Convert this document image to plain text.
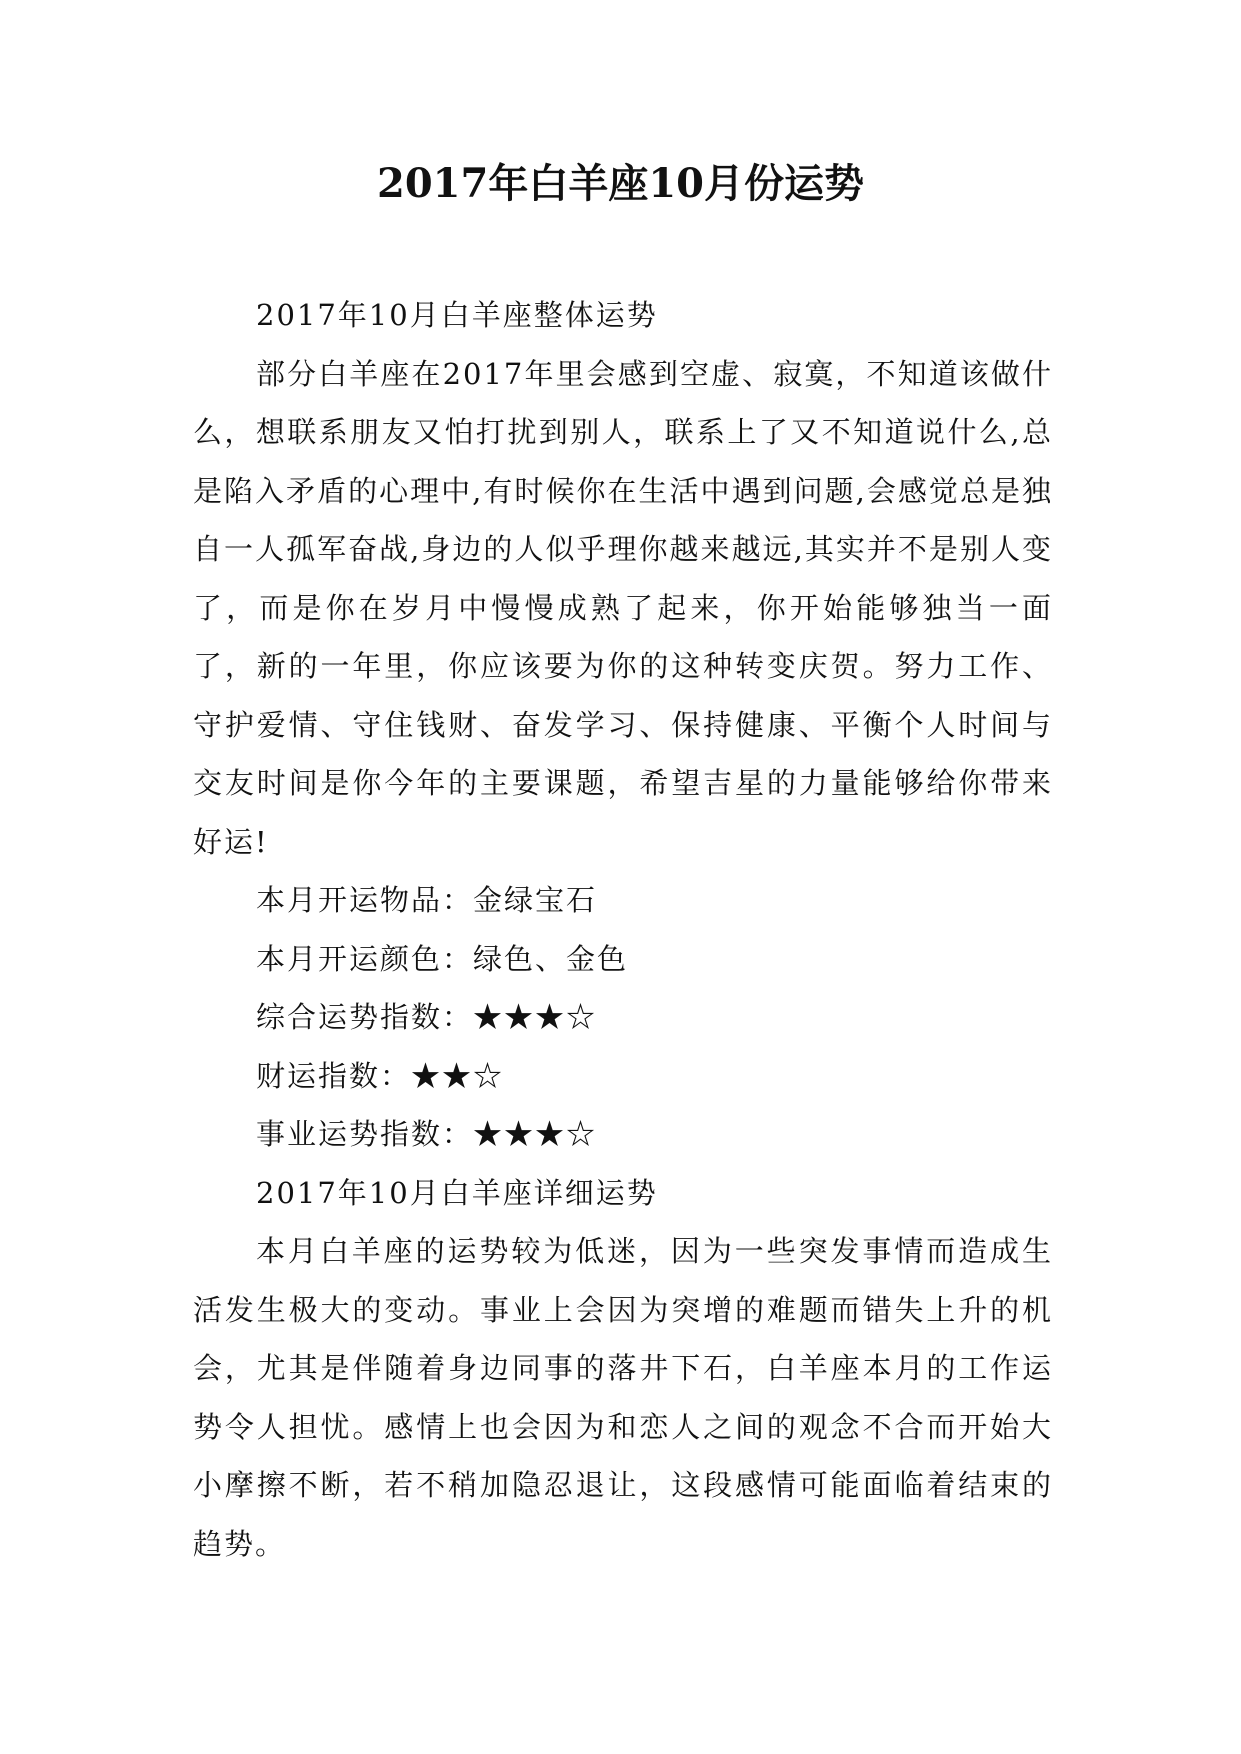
2017年白羊座10月份运势

2017年10月白羊座整体运势

部分白羊座在2017年里会感到空虚、寂寞，不知道该做什么，想联系朋友又怕打扰到别人，联系上了又不知道说什么,总是陷入矛盾的心理中,有时候你在生活中遇到问题,会感觉总是独自一人孤军奋战,身边的人似乎理你越来越远,其实并不是别人变了，而是你在岁月中慢慢成熟了起来，你开始能够独当一面了，新的一年里，你应该要为你的这种转变庆贺。努力工作、守护爱情、守住钱财、奋发学习、保持健康、平衡个人时间与交友时间是你今年的主要课题，希望吉星的力量能够给你带来好运!

本月开运物品：金绿宝石

本月开运颜色：绿色、金色

综合运势指数：★★★☆

财运指数：★★☆

事业运势指数：★★★☆

2017年10月白羊座详细运势

本月白羊座的运势较为低迷，因为一些突发事情而造成生活发生极大的变动。事业上会因为突增的难题而错失上升的机会，尤其是伴随着身边同事的落井下石，白羊座本月的工作运势令人担忧。感情上也会因为和恋人之间的观念不合而开始大小摩擦不断，若不稍加隐忍退让，这段感情可能面临着结束的趋势。
